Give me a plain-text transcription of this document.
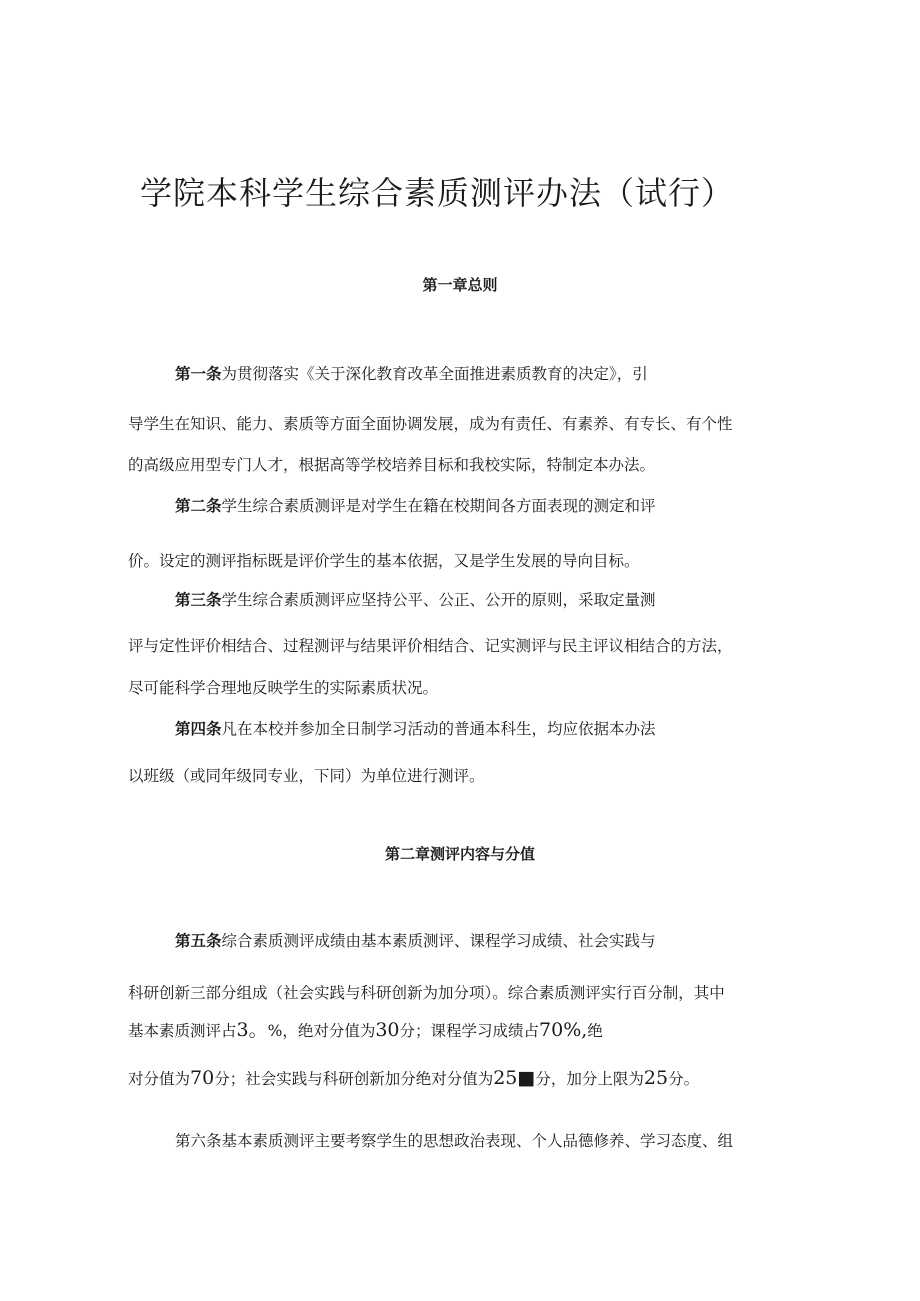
学院本科学生综合素质测评办法（试行）
第一章总则

第一条为贯彻落实《关于深化教育改革全面推进素质教育的决定》，引

导学生在知识、能力、素质等方面全面协调发展，成为有责任、有素养、有专长、有个性

的高级应用型专门人才，根据高等学校培养目标和我校实际，特制定本办法。

第二条学生综合素质测评是对学生在籍在校期间各方面表现的测定和评

价。设定的测评指标既是评价学生的基本依据，又是学生发展的导向目标。

第三条学生综合素质测评应坚持公平、公正、公开的原则，采取定量测

评与定性评价相结合、过程测评与结果评价相结合、记实测评与民主评议相结合的方法，

尽可能科学合理地反映学生的实际素质状况。

第四条凡在本校并参加全日制学习活动的普通本科生，均应依据本办法

以班级（或同年级同专业，下同）为单位进行测评。

第二章测评内容与分值

第五条综合素质测评成绩由基本素质测评、课程学习成绩、社会实践与

科研创新三部分组成（社会实践与科研创新为加分项）。综合素质测评实行百分制，其中

基本素质测评占3。%，绝对分值为30分；课程学习成绩占70%,绝

对分值为70分；社会实践与科研创新加分绝对分值为25■分，加分上限为25分。

第六条基本素质测评主要考察学生的思想政治表现、个人品德修养、学习态度、组
